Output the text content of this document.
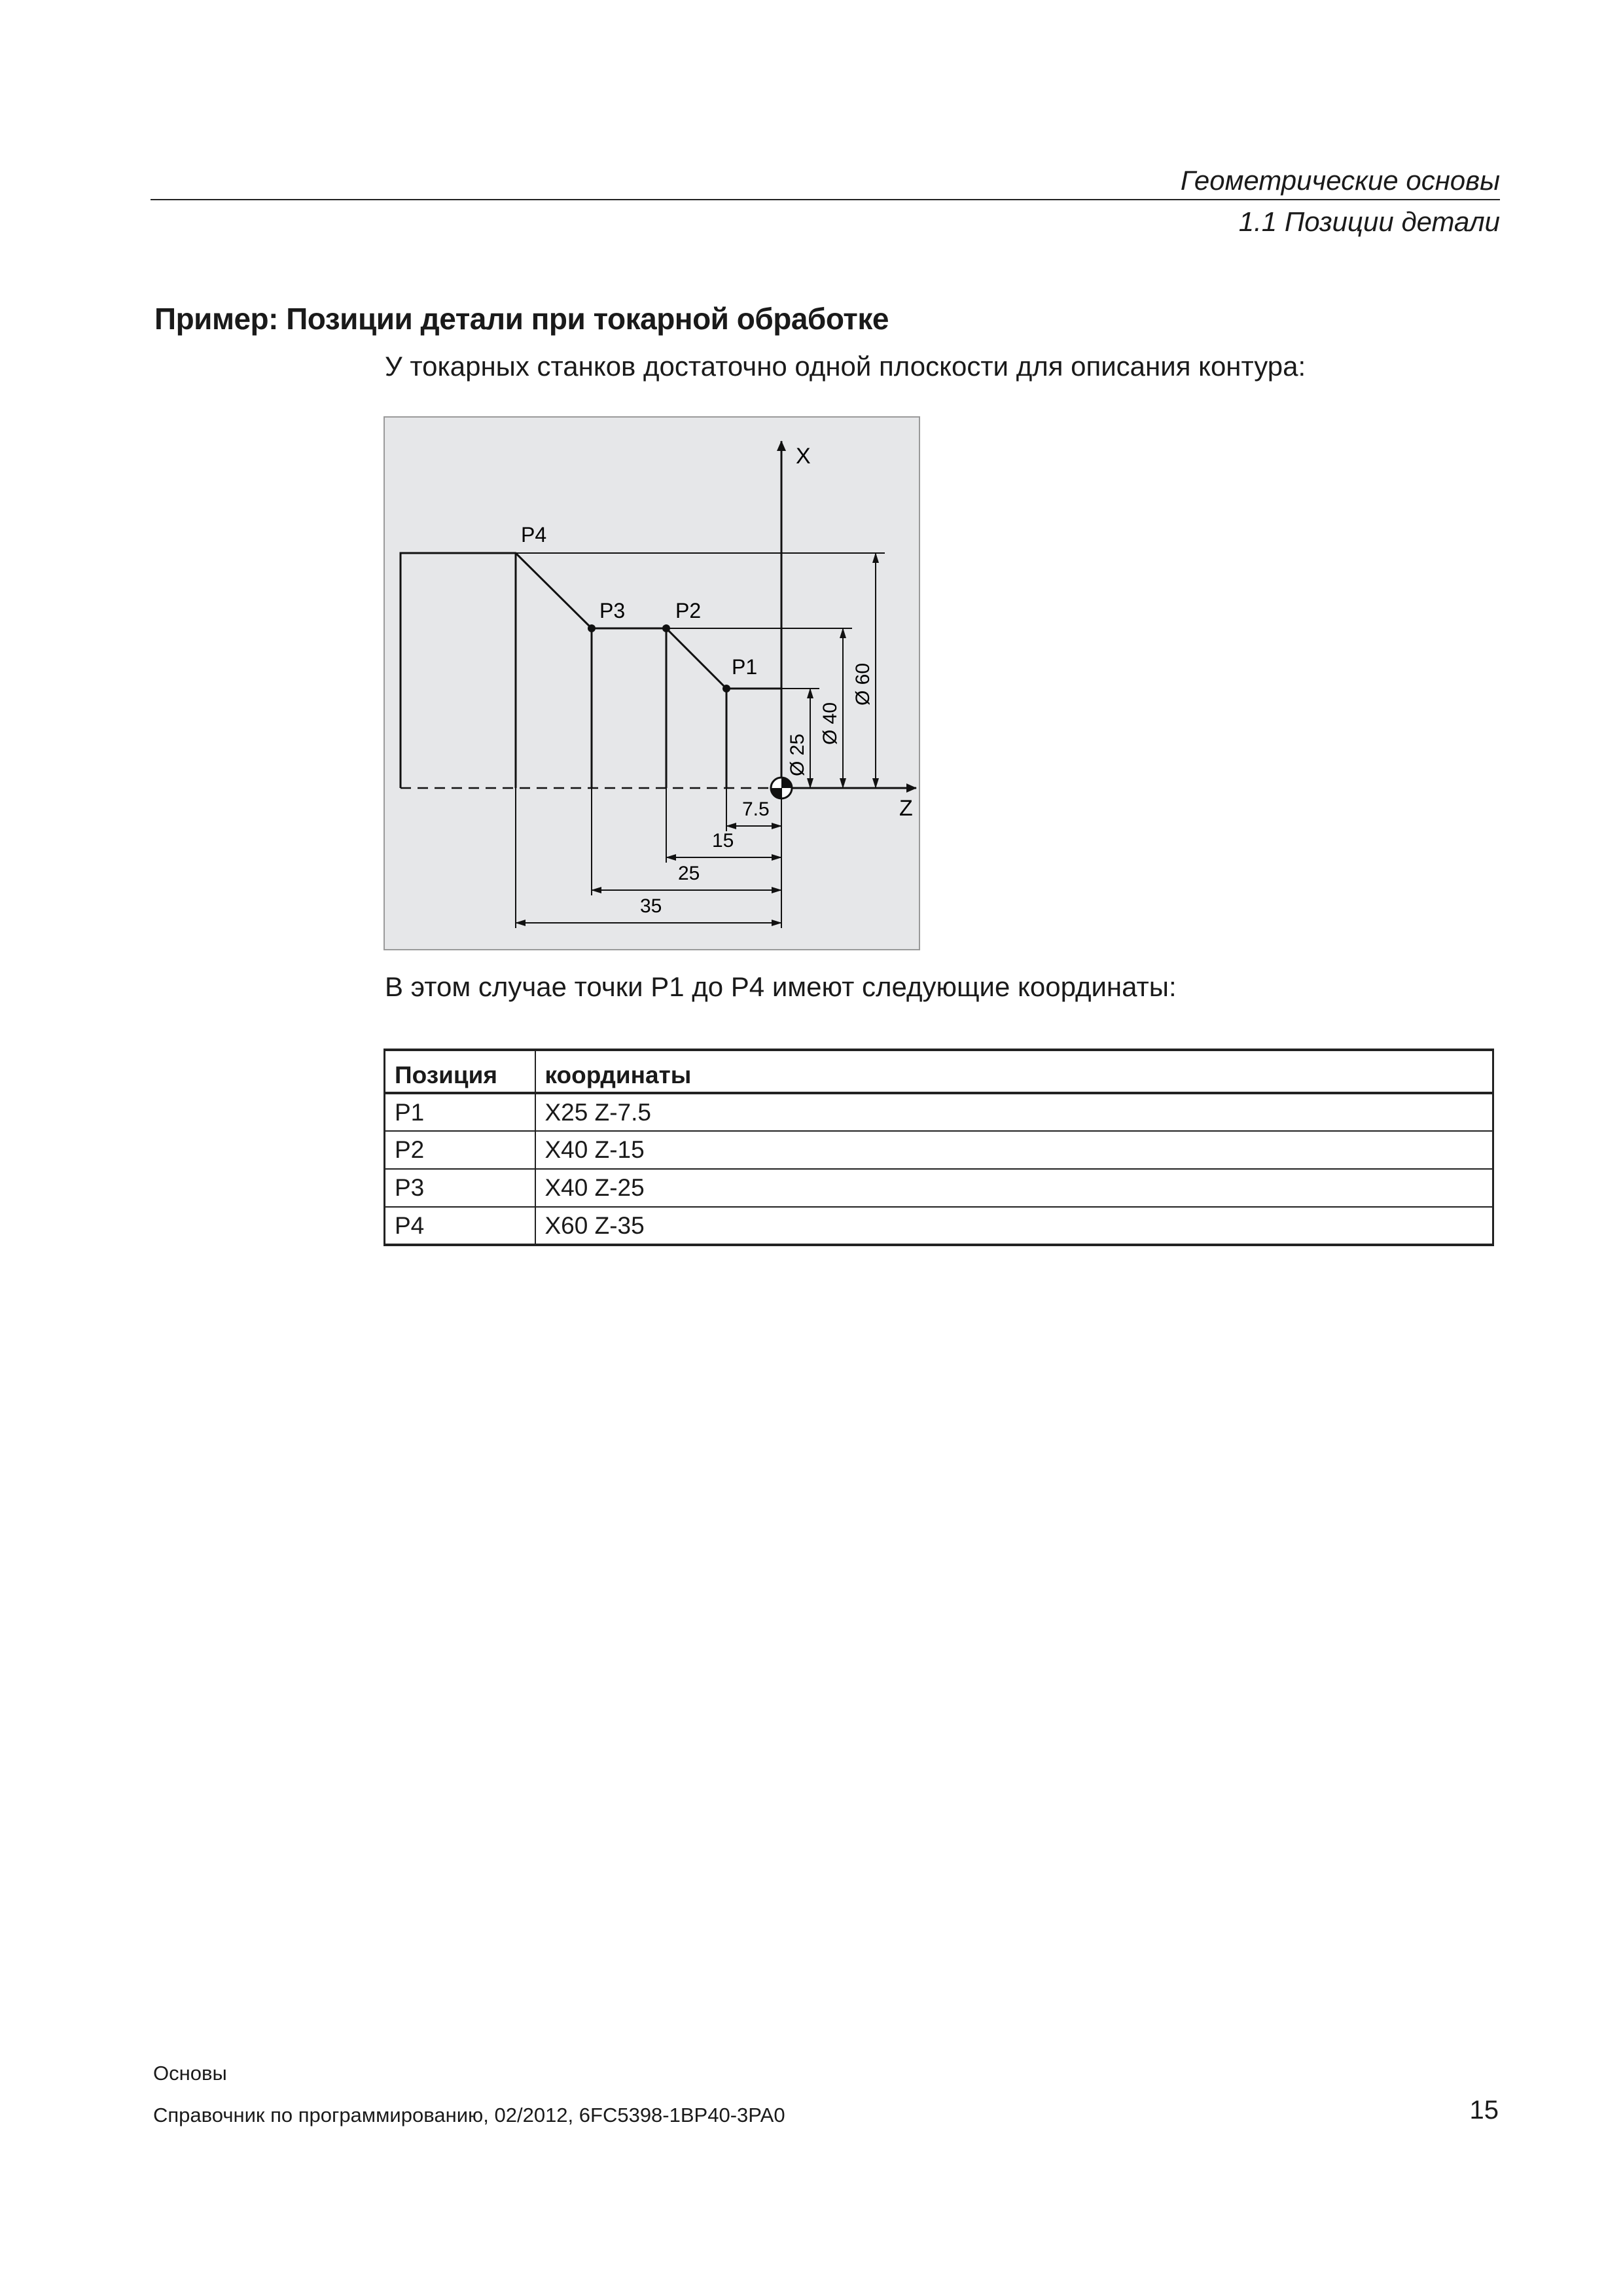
Геометрические основы
1.1 Позиции детали
Пример: Позиции детали при токарной обработке
У токарных станков достаточно одной плоскости для описания контура:
X
Z
P4
P3 P2
P1
Ø 25
Ø 40
Ø 60
7.5
15
25
35
В этом случае точки P1 до P4 имеют следующие координаты:
Позиция	координаты
P1	X25 Z-7.5
P2	X40 Z-15
P3	X40 Z-25
P4	X60 Z-35
Основы
Справочник по программированию, 02/2012, 6FC5398-1BP40-3PA0	15
